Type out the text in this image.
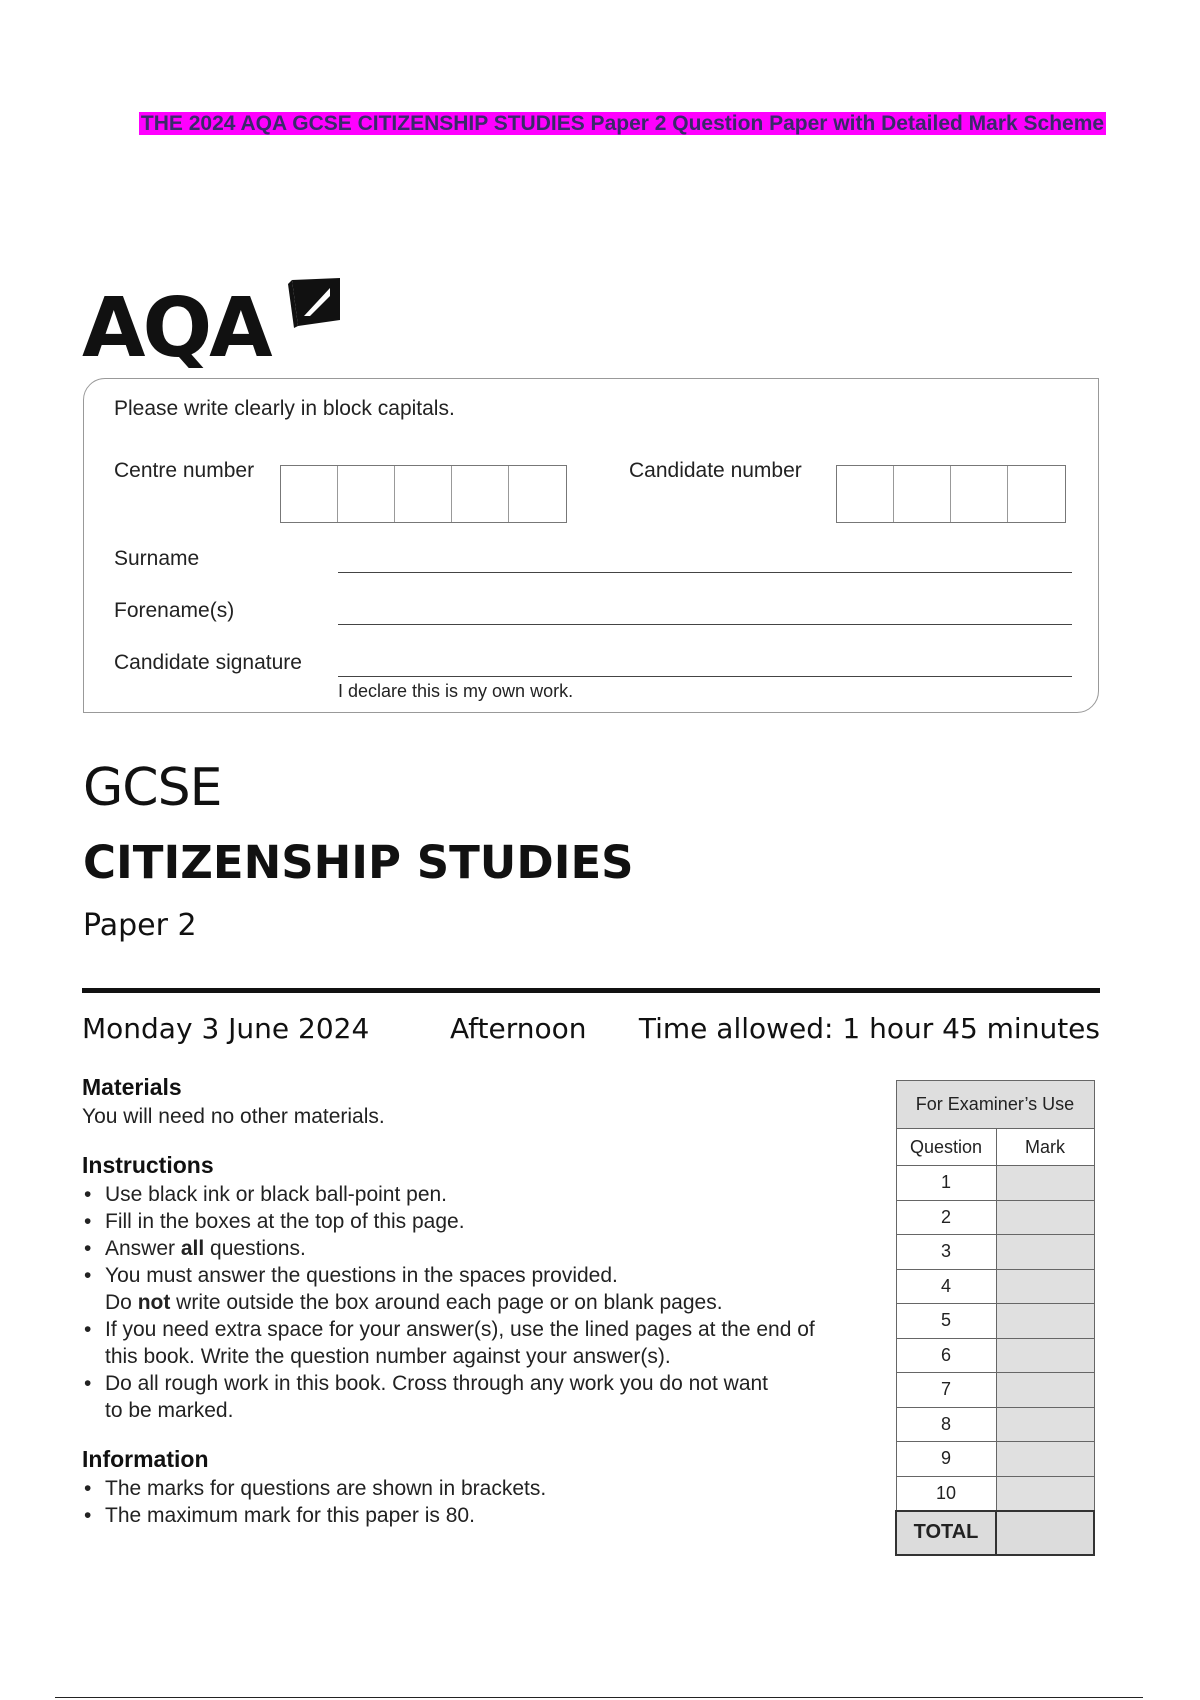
THE 2024 AQA GCSE CITIZENSHIP STUDIES Paper 2 Question Paper with Detailed Mark Scheme
AQA
Please write clearly in block capitals.
Centre number	Candidate number
Surname
Forename(s)
Candidate signature
I declare this is my own work.
GCSE
CITIZENSHIP STUDIES
Paper 2
Monday 3 June 2024	Afternoon Time allowed: 1 hour 45 minutes
Materials

You will need no other materials.

Instructions
• Use black ink or black ball-point pen.
• Fill in the boxes at the top of this page.
• Answer all questions.
• You must answer the questions in the spaces provided.
Do not write outside the box around each page or on blank pages.
• If you need extra space for your answer(s), use the lined pages at the end of
this book. Write the question number against your answer(s).
• Do all rough work in this book. Cross through any work you do not want
to be marked.
Information
• The marks for questions are shown in brackets.
• The maximum mark for this paper is 80.
For Examiner’s Use	
Question	Mark
1	
2	
3	
4	
5	
6	
7	
8	
9	
10	
TOTAL	
